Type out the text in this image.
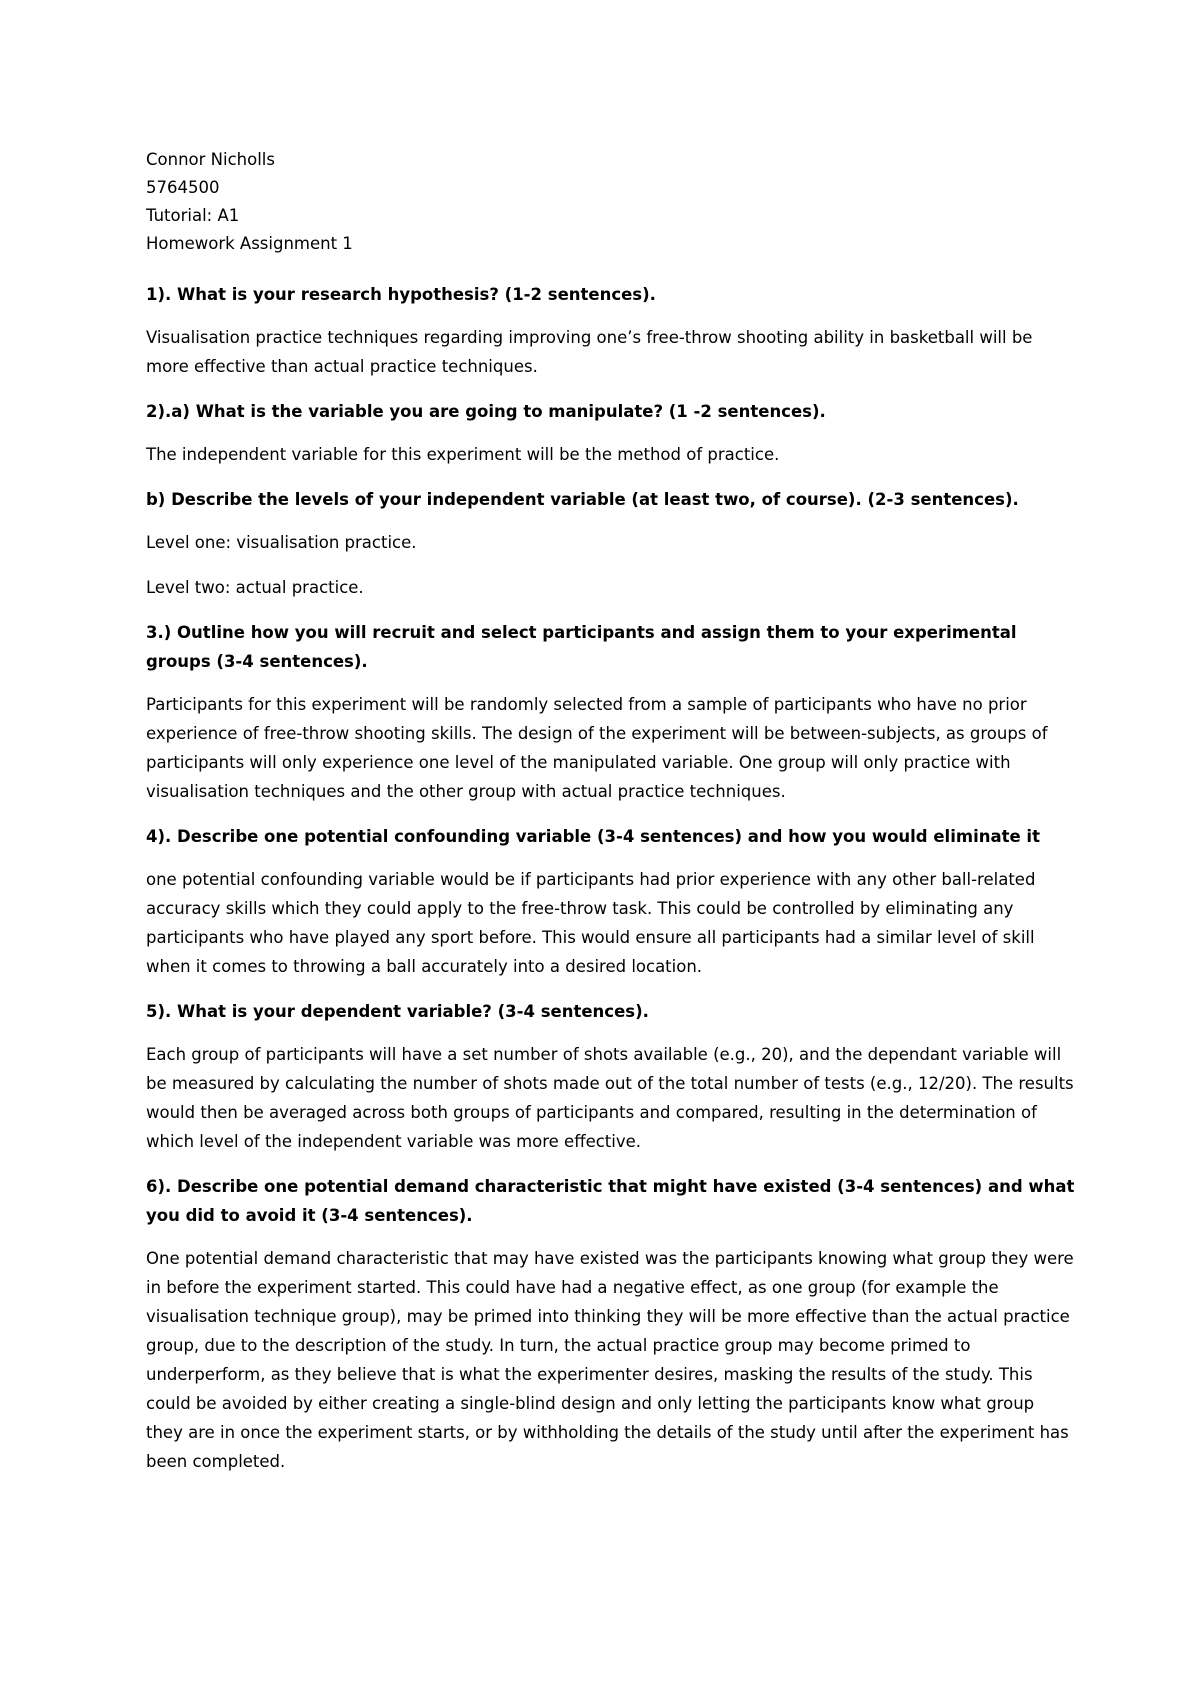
Connor Nicholls
5764500
Tutorial: A1
Homework Assignment 1

1). What is your research hypothesis? (1-2 sentences).

Visualisation practice techniques regarding improving one’s free-throw shooting ability in basketball will be more effective than actual practice techniques.

2).a) What is the variable you are going to manipulate? (1 -2 sentences).

The independent variable for this experiment will be the method of practice.

b) Describe the levels of your independent variable (at least two, of course). (2-3 sentences).

Level one: visualisation practice.

Level two: actual practice.

3.) Outline how you will recruit and select participants and assign them to your experimental groups (3-4 sentences).

Participants for this experiment will be randomly selected from a sample of participants who have no prior experience of free-throw shooting skills. The design of the experiment will be between-subjects, as groups of participants will only experience one level of the manipulated variable. One group will only practice with visualisation techniques and the other group with actual practice techniques.

4). Describe one potential confounding variable (3-4 sentences) and how you would eliminate it

one potential confounding variable would be if participants had prior experience with any other ball-related accuracy skills which they could apply to the free-throw task. This could be controlled by eliminating any participants who have played any sport before. This would ensure all participants had a similar level of skill when it comes to throwing a ball accurately into a desired location.

5). What is your dependent variable? (3-4 sentences).

Each group of participants will have a set number of shots available (e.g., 20), and the dependant variable will be measured by calculating the number of shots made out of the total number of tests (e.g., 12/20). The results would then be averaged across both groups of participants and compared, resulting in the determination of which level of the independent variable was more effective.

6). Describe one potential demand characteristic that might have existed (3-4 sentences) and what you did to avoid it (3-4 sentences).

One potential demand characteristic that may have existed was the participants knowing what group they were in before the experiment started. This could have had a negative effect, as one group (for example the visualisation technique group), may be primed into thinking they will be more effective than the actual practice group, due to the description of the study. In turn, the actual practice group may become primed to underperform, as they believe that is what the experimenter desires, masking the results of the study. This could be avoided by either creating a single-blind design and only letting the participants know what group they are in once the experiment starts, or by withholding the details of the study until after the experiment has been completed.
